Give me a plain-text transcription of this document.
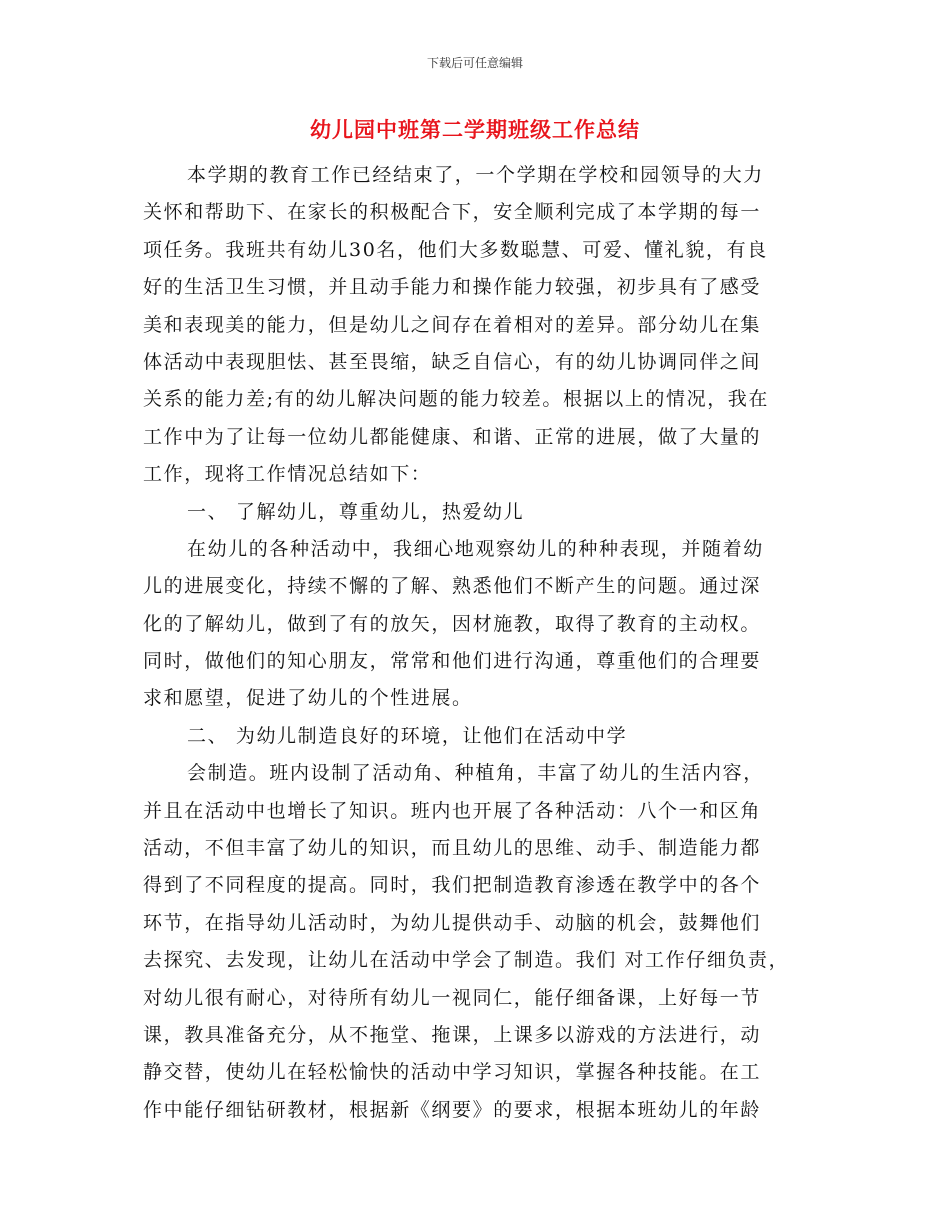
下载后可任意编辑
幼儿园中班第二学期班级工作总结
本学期的教育工作已经结束了，一个学期在学校和园领导的大力
关怀和帮助下、在家长的积极配合下，安全顺利完成了本学期的每一
项任务。我班共有幼儿30名，他们大多数聪慧、可爱、懂礼貌，有良
好的生活卫生习惯，并且动手能力和操作能力较强，初步具有了感受
美和表现美的能力，但是幼儿之间存在着相对的差异。部分幼儿在集
体活动中表现胆怯、甚至畏缩，缺乏自信心，有的幼儿协调同伴之间
关系的能力差;有的幼儿解决问题的能力较差。根据以上的情况，我在
工作中为了让每一位幼儿都能健康、和谐、正常的进展，做了大量的
工作，现将工作情况总结如下：
一、 了解幼儿，尊重幼儿，热爱幼儿
在幼儿的各种活动中，我细心地观察幼儿的种种表现，并随着幼
儿的进展变化，持续不懈的了解、熟悉他们不断产生的问题。通过深
化的了解幼儿，做到了有的放矢，因材施教，取得了教育的主动权。
同时，做他们的知心朋友，常常和他们进行沟通，尊重他们的合理要
求和愿望，促进了幼儿的个性进展。
二、 为幼儿制造良好的环境，让他们在活动中学
会制造。班内设制了活动角、种植角，丰富了幼儿的生活内容，
并且在活动中也增长了知识。班内也开展了各种活动：八个一和区角
活动，不但丰富了幼儿的知识，而且幼儿的思维、动手、制造能力都
得到了不同程度的提高。同时，我们把制造教育渗透在教学中的各个
环节，在指导幼儿活动时，为幼儿提供动手、动脑的机会，鼓舞他们
去探究、去发现，让幼儿在活动中学会了制造。我们 对工作仔细负责，
对幼儿很有耐心，对待所有幼儿一视同仁，能仔细备课，上好每一节
课，教具准备充分，从不拖堂、拖课，上课多以游戏的方法进行，动
静交替，使幼儿在轻松愉快的活动中学习知识，掌握各种技能。在工
作中能仔细钻研教材，根据新《纲要》的要求，根据本班幼儿的年龄
